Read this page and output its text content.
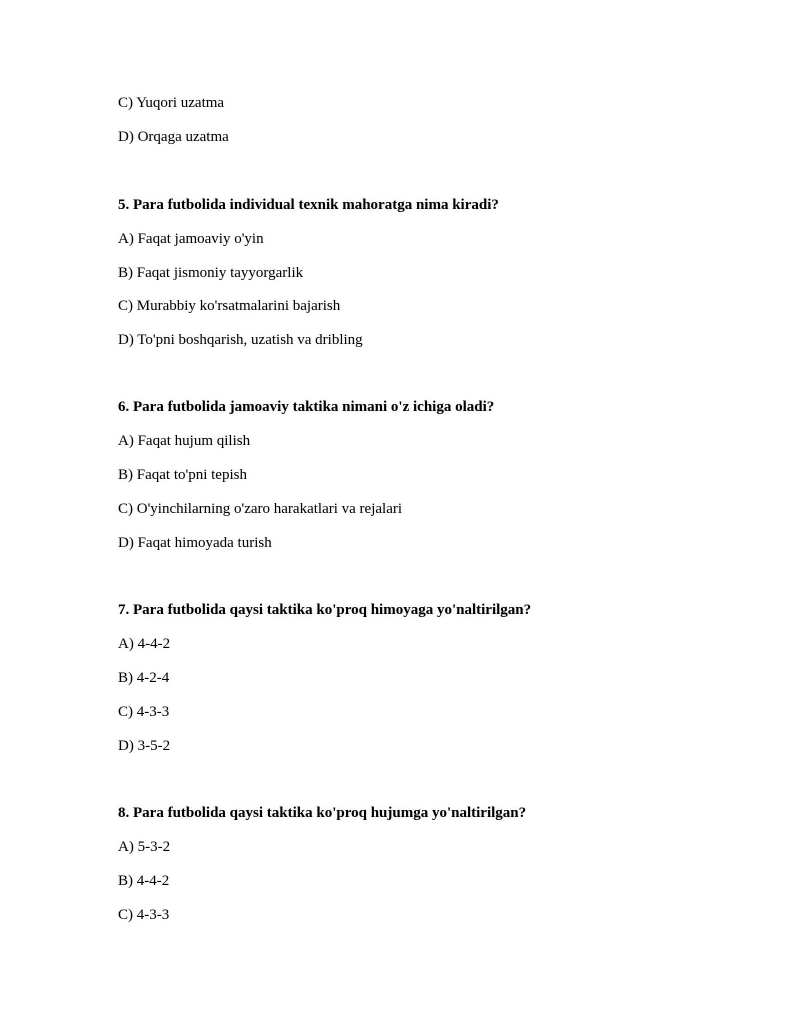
C) Yuqori uzatma
D) Orqaga uzatma
5. Para futbolida individual texnik mahoratga nima kiradi?
A) Faqat jamoaviy o'yin
B) Faqat jismoniy tayyorgarlik
C) Murabbiy ko'rsatmalarini bajarish
D) To'pni boshqarish, uzatish va dribling
6. Para futbolida jamoaviy taktika nimani o'z ichiga oladi?
A) Faqat hujum qilish
B) Faqat to'pni tepish
C) O'yinchilarning o'zaro harakatlari va rejalari
D) Faqat himoyada turish
7. Para futbolida qaysi taktika ko'proq himoyaga yo'naltirilgan?
A) 4-4-2
B) 4-2-4
C) 4-3-3
D) 3-5-2
8. Para futbolida qaysi taktika ko'proq hujumga yo'naltirilgan?
A) 5-3-2
B) 4-4-2
C) 4-3-3
